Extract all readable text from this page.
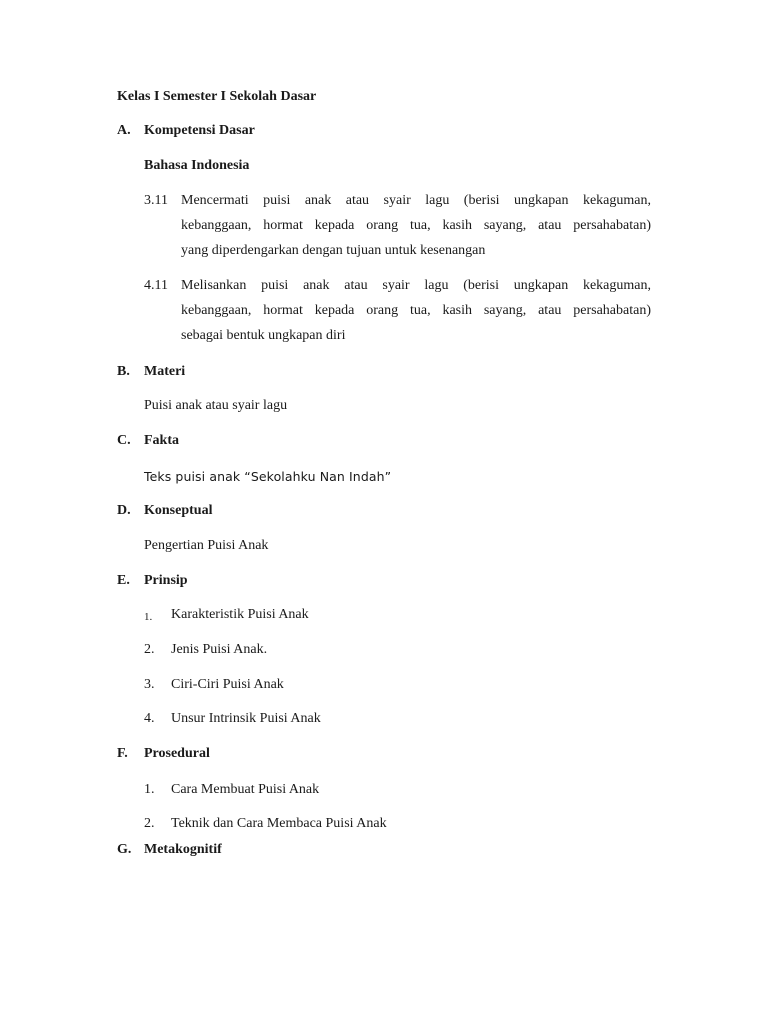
Kelas I Semester I Sekolah Dasar
A. Kompetensi Dasar
Bahasa Indonesia
3.11 Mencermati puisi anak atau syair lagu (berisi ungkapan kekaguman,
kebanggaan, hormat kepada orang tua, kasih sayang, atau persahabatan)
yang diperdengarkan dengan tujuan untuk kesenangan
4.11 Melisankan puisi anak atau syair lagu (berisi ungkapan kekaguman,
kebanggaan, hormat kepada orang tua, kasih sayang, atau persahabatan)
sebagai bentuk ungkapan diri
B. Materi
Puisi anak atau syair lagu
C. Fakta
Teks puisi anak “Sekolahku Nan Indah”
D. Konseptual
Pengertian Puisi Anak
E. Prinsip
1. Karakteristik Puisi Anak
2. Jenis Puisi Anak.
3. Ciri-Ciri Puisi Anak
4. Unsur Intrinsik Puisi Anak
F. Prosedural
1. Cara Membuat Puisi Anak
2. Teknik dan Cara Membaca Puisi Anak
G. Metakognitif
